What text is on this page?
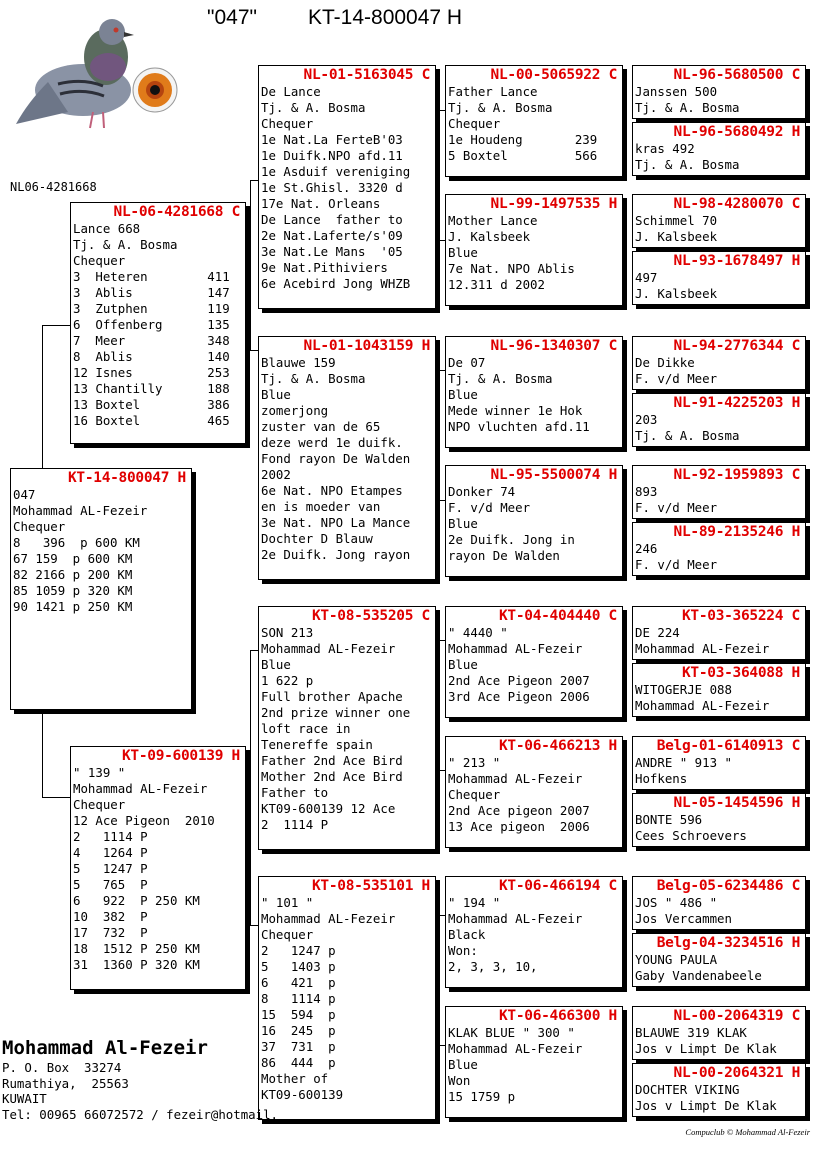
"047" KT-14-800047 H
NL06-4281668
KT-14-800047 H
047
Mohammad AL-Fezeir
Chequer
8   396  p 600 KM
67 159  p 600 KM
82 2166 p 200 KM
85 1059 p 320 KM
90 1421 p 250 KM
NL-06-4281668 C
Lance 668
Tj. & A. Bosma
Chequer
3  Heteren        411
3  Ablis          147
3  Zutphen        119
6  Offenberg      135
7  Meer           348
8  Ablis          140
12 Isnes          253
13 Chantilly      188
13 Boxtel         386
16 Boxtel         465
KT-09-600139 H
" 139 "
Mohammad AL-Fezeir
Chequer
12 Ace Pigeon  2010
2   1114 P
4   1264 P
5   1247 P
5   765  P
6   922  P 250 KM
10  382  P
17  732  P
18  1512 P 250 KM
31  1360 P 320 KM
NL-01-5163045 C
De Lance
Tj. & A. Bosma
Chequer
1e Nat.La FerteB'03
1e Duifk.NPO afd.11
1e Asduif vereniging
1e St.Ghisl. 3320 d
17e Nat. Orleans
De Lance  father to
2e Nat.Laferte/s'09
3e Nat.Le Mans  '05
9e Nat.Pithiviers
6e Acebird Jong WHZB
NL-01-1043159 H
Blauwe 159
Tj. & A. Bosma
Blue
zomerjong
zuster van de 65
deze werd 1e duifk.
Fond rayon De Walden
2002
6e Nat. NPO Etampes
en is moeder van
3e Nat. NPO La Mance
Dochter D Blauw
2e Duifk. Jong rayon
KT-08-535205 C
SON 213
Mohammad AL-Fezeir
Blue
1 622 p
Full brother Apache
2nd prize winner one
loft race in
Tenereffe spain
Father 2nd Ace Bird
Mother 2nd Ace Bird
Father to
KT09-600139 12 Ace
2  1114 P
KT-08-535101 H
" 101 "
Mohammad AL-Fezeir
Chequer
2   1247 p
5   1403 p
6   421  p
8   1114 p
15  594  p
16  245  p
37  731  p
86  444  p
Mother of
KT09-600139
NL-00-5065922 C
Father Lance
Tj. & A. Bosma
Chequer
1e Houdeng       239
5 Boxtel         566
NL-99-1497535 H
Mother Lance
J. Kalsbeek
Blue
7e Nat. NPO Ablis
12.311 d 2002
NL-96-1340307 C
De 07
Tj. & A. Bosma
Blue
Mede winner 1e Hok
NPO vluchten afd.11
NL-95-5500074 H
Donker 74
F. v/d Meer
Blue
2e Duifk. Jong in
rayon De Walden
KT-04-404440 C
" 4440 "
Mohammad AL-Fezeir
Blue
2nd Ace Pigeon 2007
3rd Ace Pigeon 2006
KT-06-466213 H
" 213 "
Mohammad AL-Fezeir
Chequer
2nd Ace pigeon 2007
13 Ace pigeon  2006
KT-06-466194 C
" 194 "
Mohammad AL-Fezeir
Black
Won:
2, 3, 3, 10,
KT-06-466300 H
KLAK BLUE " 300 "
Mohammad AL-Fezeir
Blue
Won
15 1759 p
NL-96-5680500 C
Janssen 500
Tj. & A. Bosma
NL-96-5680492 H
kras 492
Tj. & A. Bosma
NL-98-4280070 C
Schimmel 70
J. Kalsbeek
NL-93-1678497 H
497
J. Kalsbeek
NL-94-2776344 C
De Dikke
F. v/d Meer
NL-91-4225203 H
203
Tj. & A. Bosma
NL-92-1959893 C
893
F. v/d Meer
NL-89-2135246 H
246
F. v/d Meer
KT-03-365224 C
DE 224
Mohammad AL-Fezeir
KT-03-364088 H
WITOGERJE 088
Mohammad AL-Fezeir
Belg-01-6140913 C
ANDRE " 913 "
Hofkens
NL-05-1454596 H
BONTE 596
Cees Schroevers
Belg-05-6234486 C
JOS " 486 "
Jos Vercammen
Belg-04-3234516 H
YOUNG PAULA
Gaby Vandenabeele
NL-00-2064319 C
BLAUWE 319 KLAK
Jos v Limpt De Klak
NL-00-2064321 H
DOCHTER VIKING
Jos v Limpt De Klak
Mohammad Al-Fezeir
P. O. Box  33274
Rumathiya,  25563
KUWAIT
Tel: 00965 66072572 / fezeir@hotmail.
Compuclub © Mohammad Al-Fezeir
